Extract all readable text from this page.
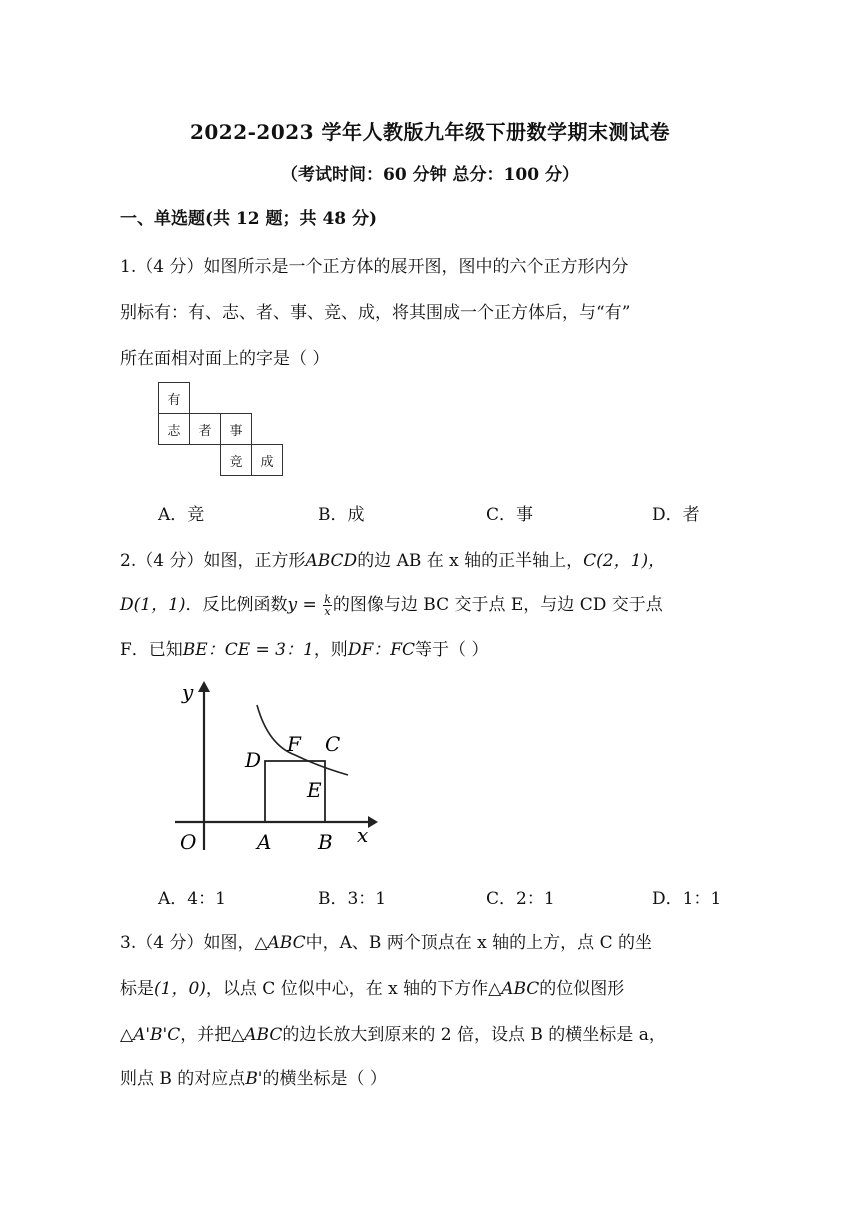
2022-2023 学年人教版九年级下册数学期末测试卷
（考试时间：60 分钟 总分：100 分）
一、单选题(共 12 题；共 48 分)
1.（4 分）如图所示是一个正方体的展开图，图中的六个正方形内分
别标有：有、志、者、事、竞、成，将其围成一个正方体后，与“有”
所在面相对面上的字是（ ）
有
志	者	事
竞	成
A．竞	B．成	C．事	D．者
2.（4 分）如图，正方形ABCD的边 AB 在 x 轴的正半轴上，C(2，1)，
D(1，1)．反比例函数$y = \frac{k}{x}$ 的图像与边 BC 交于点 E，与边 CD 交于点
F．已知BE：CE = 3：1，则DF：FC等于（ ）
y
x
O	A B
D
F C
E
A．4：1	B．3：1	C．2：1	D．1：1
3.（4 分）如图，△ABC中，A、B 两个顶点在 x 轴的上方，点 C 的坐
标是(1，0)，以点 C 位似中心，在 x 轴的下方作△ABC的位似图形
△A'B'C，并把△ABC的边长放大到原来的 2 倍，设点 B 的横坐标是 a，
则点 B 的对应点B'的横坐标是（ ）
